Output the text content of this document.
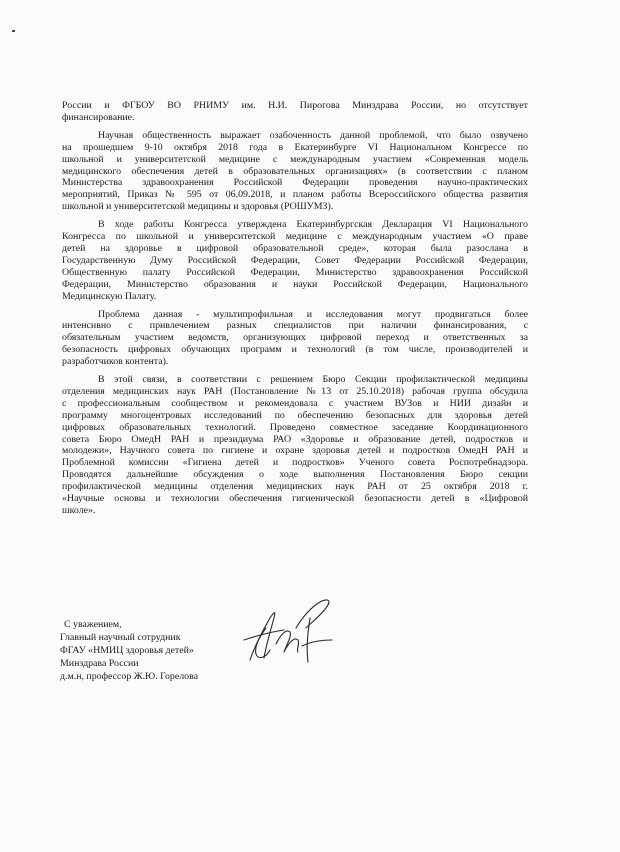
России и ФГБОУ ВО РНИМУ им. Н.И. Пирогова Минздрава России, но отсутствует
финансирование.
Научная общественность выражает озабоченность данной проблемой, что было озвучено
на прошедшем 9-10 октября 2018 года в Екатеринбурге VI Национальном Конгрессе по
школьной и университетской медицине с международным участием «Современная модель
медицинского обеспечения детей в образовательных организациях» (в соответствии с планом
Министерства здравоохранения Российской Федерации проведения научно-практических
мероприятий, Приказ № 595 от 06.09.2018, и планом работы Всероссийского общества развития
школьной и университетской медицины и здоровья (РОШУМЗ).
В ходе работы Конгресса утверждена Екатеринбургская Декларация VI Национального
Конгресса по школьной и университетской медицине с международным участием «О праве
детей на здоровье в цифровой образовательной среде», которая была разослана в
Государственную Думу Российской Федерации, Совет Федерации Российской Федерации,
Общественную палату Российской Федерации, Министерство здравоохранения Российской
Федерации, Министерство образования и науки Российской Федерации, Национального
Медицинскую Палату.
Проблема данная - мультипрофильная и исследования могут продвигаться более
интенсивно с привлечением разных специалистов при наличии финансирования, с
обязательным участием ведомств, организующих цифровой переход и ответственных за
безопасность цифровых обучающих программ и технологий (в том числе, производителей и
разработчиков контента).
В этой связи, в соответствии с решением Бюро Секции профилактической медицины
отделения медицинских наук РАН (Постановление №13 от 25.10.2018) рабочая группа обсудила
с профессиональным сообществом и рекомендовала с участием ВУЗов и НИИ дизайн и
программу многоцентровых исследований по обеспечению безопасных для здоровья детей
цифровых образовательных технологий. Проведено совместное заседание Координационного
совета Бюро ОмедН РАН и президиума РАО «Здоровье и образование детей, подростков и
молодежи», Научного совета по гигиене и охране здоровья детей и подростков ОмедН РАН и
Проблемной комиссии «Гигиена детей и подростков» Ученого совета Роспотребнадзора.
Проводятся дальнейшие обсуждения о ходе выполнения Постановления Бюро секции
профилактической медицины отделения медицинских наук РАН от 25 октября 2018 г.
«Научные основы и технологии обеспечения гигиенической безопасности детей в «Цифровой
школе».
С уважением,
Главный научный сотрудник
ФГАУ «НМИЦ здоровья детей»
Минздрава России
д.м.н, профессор Ж.Ю. Горелова
